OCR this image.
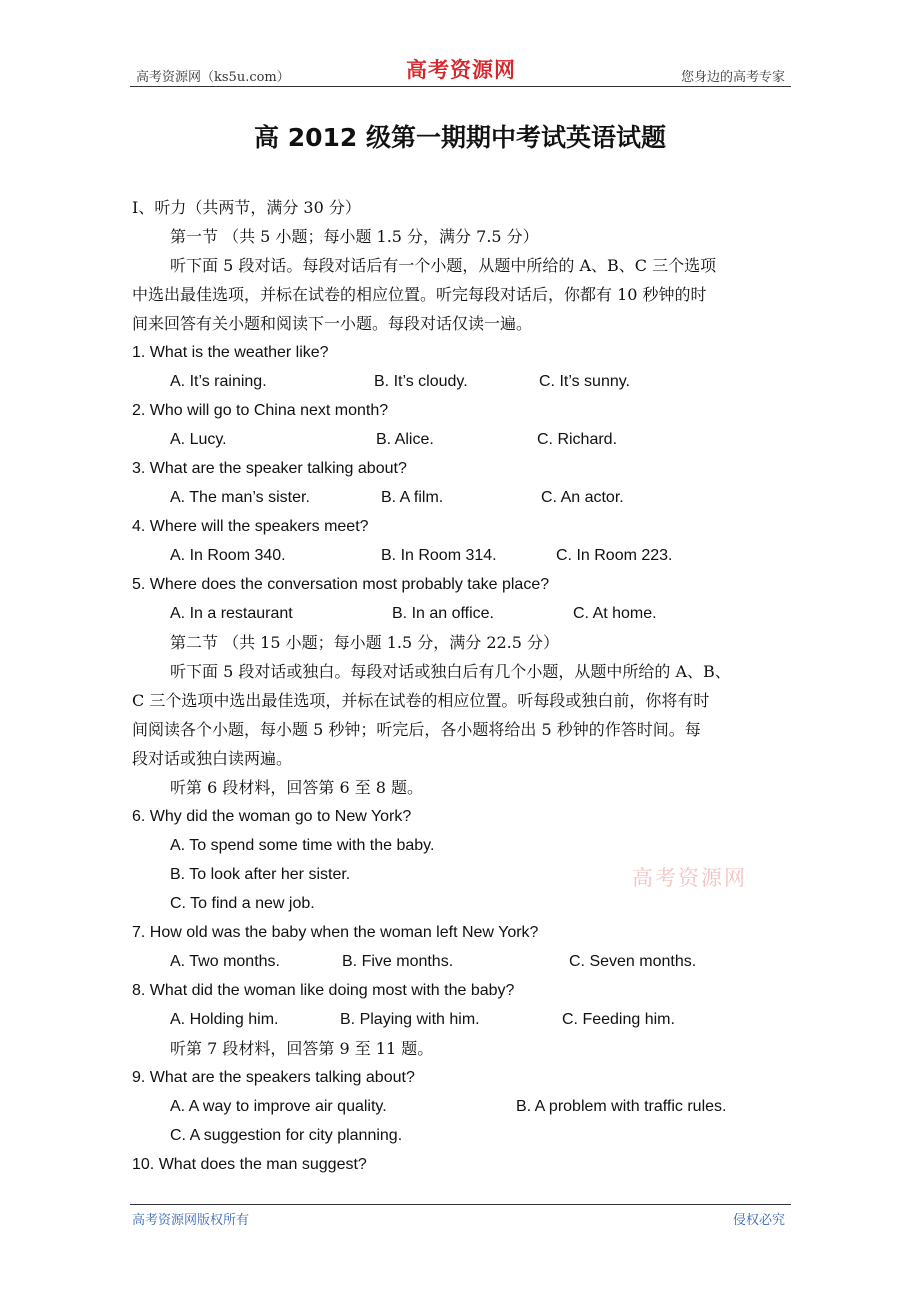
高考资源网（ks5u.com）	高考资源网	您身边的高考专家
高 2012 级第一期期中考试英语试题
I、听力（共两节，满分 30 分）
第一节 （共 5 小题；每小题 1.5 分，满分 7.5 分）
听下面 5 段对话。每段对话后有一个小题，从题中所给的 A、B、C 三个选项
中选出最佳选项，并标在试卷的相应位置。听完每段对话后，你都有 10 秒钟的时
间来回答有关小题和阅读下一小题。每段对话仅读一遍。
1. What is the weather like?
A. It’s raining.	B. It’s cloudy.	C. It’s sunny.
2. Who will go to China next month?
A. Lucy.	B. Alice.	C. Richard.
3. What are the speaker talking about?
A. The man’s sister.	B. A film.	C. An actor.
4. Where will the speakers meet?
A. In Room 340.	B. In Room 314.	C. In Room 223.
5. Where does the conversation most probably take place?
A. In a restaurant	B. In an office.	C. At home.
第二节 （共 15 小题；每小题 1.5 分，满分 22.5 分）
听下面 5 段对话或独白。每段对话或独白后有几个小题，从题中所给的 A、B、
C 三个选项中选出最佳选项，并标在试卷的相应位置。听每段或独白前，你将有时
间阅读各个小题，每小题 5 秒钟；听完后，各小题将给出 5 秒钟的作答时间。每
段对话或独白读两遍。
听第 6 段材料，回答第 6 至 8 题。
6. Why did the woman go to New York?
A. To spend some time with the baby.
B. To look after her sister.
C. To find a new job.
高考资源网
7. How old was the baby when the woman left New York?
A. Two months.	B. Five months.	C. Seven months.
8. What did the woman like doing most with the baby?
A. Holding him.	B. Playing with him.	C. Feeding him.
听第 7 段材料，回答第 9 至 11 题。
9. What are the speakers talking about?
A. A way to improve air quality.	B. A problem with traffic rules.
C. A suggestion for city planning.
10. What does the man suggest?
高考资源网版权所有	侵权必究
